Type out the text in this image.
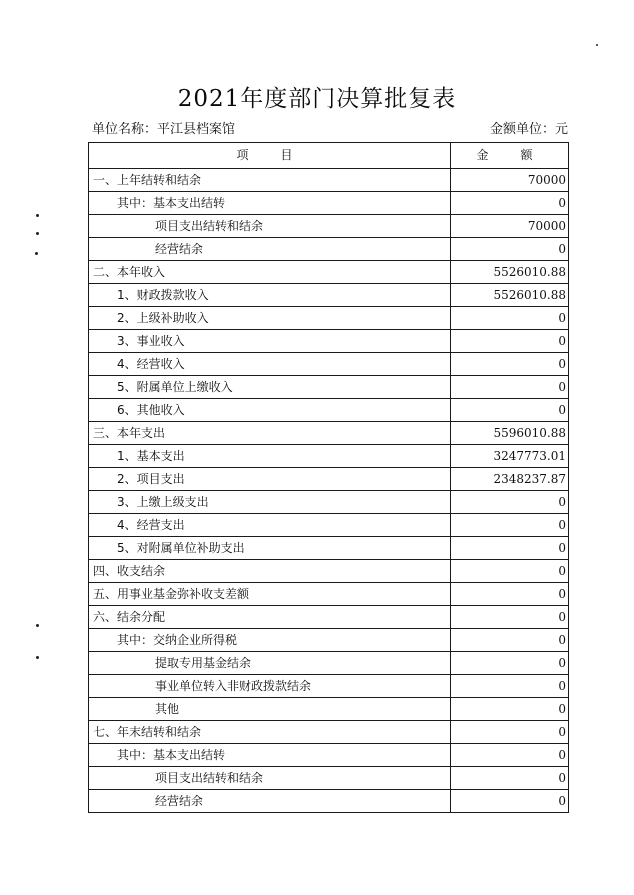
2021年度部门决算批复表
单位名称：平江县档案馆	金额单位：元
项　目	金　额
一、上年结转和结余	70000
其中：基本支出结转	0
项目支出结转和结余	70000
经营结余	0
二、本年收入	5526010.88
1、财政拨款收入	5526010.88
2、上级补助收入	0
3、事业收入	0
4、经营收入	0
5、附属单位上缴收入	0
6、其他收入	0
三、本年支出	5596010.88
1、基本支出	3247773.01
2、项目支出	2348237.87
3、上缴上级支出	0
4、经营支出	0
5、对附属单位补助支出	0
四、收支结余	0
五、用事业基金弥补收支差额	0
六、结余分配	0
其中：交纳企业所得税	0
提取专用基金结余	0
事业单位转入非财政拨款结余	0
其他	0
七、年末结转和结余	0
其中：基本支出结转	0
项目支出结转和结余	0
经营结余	0
